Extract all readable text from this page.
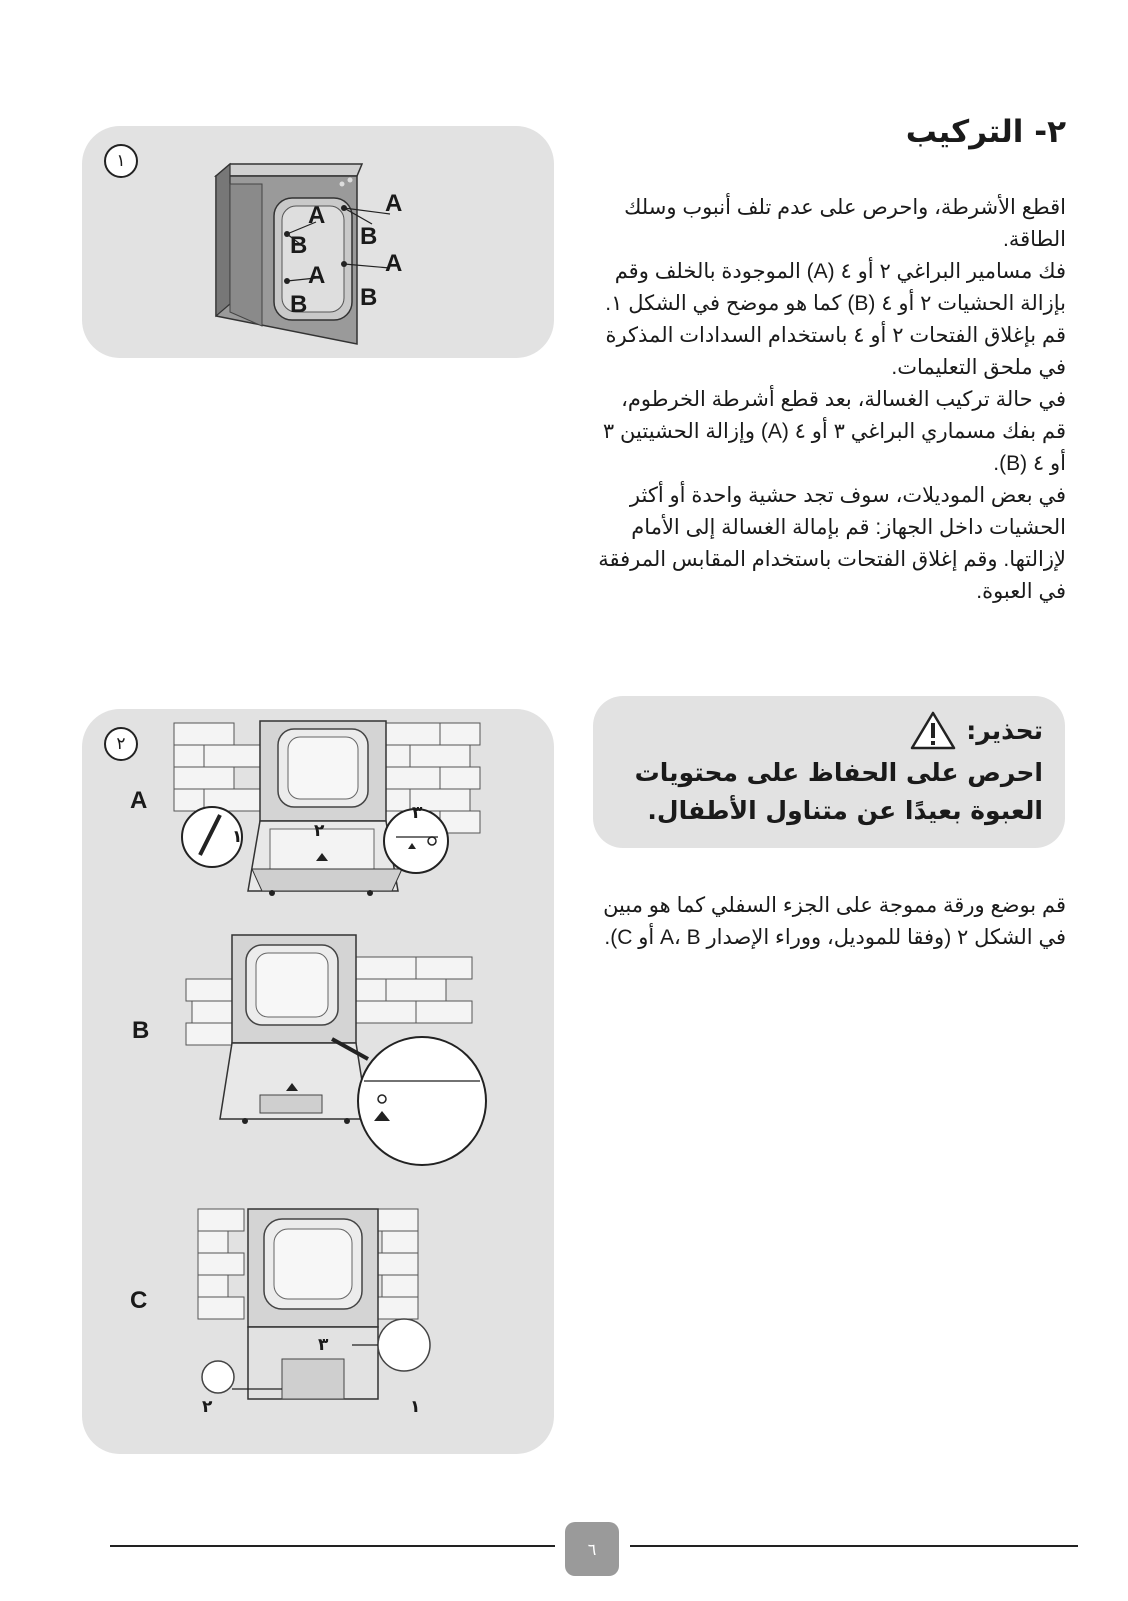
٢- التركيب

اقطع الأشرطة، واحرص على عدم تلف أنبوب وسلك الطاقة.

فك مسامير البراغي ٢ أو ٤ (A) الموجودة بالخلف وقم بإزالة الحشيات ٢ أو ٤ (B) كما هو موضح في الشكل ١.

قم بإغلاق الفتحات ٢ أو ٤ باستخدام السدادات المذكرة في ملحق التعليمات.

في حالة تركيب الغسالة، بعد قطع أشرطة الخرطوم، قم بفك مسماري البراغي ٣ أو ٤ (A) وإزالة الحشيتين ٣ أو ٤ (B).

في بعض الموديلات، سوف تجد حشية واحدة أو أكثر الحشيات داخل الجهاز: قم بإمالة الغسالة إلى الأمام لإزالتها. وقم إغلاق الفتحات باستخدام المقابس المرفقة في العبوة.

١
A A
B B
A A
B B
٢
A
B
C
١	٢
٣
٣
٢	١
تحذير:
احرص على الحفاظ على محتويات العبوة بعيدًا عن متناول الأطفال.
قم بوضع ورقة مموجة على الجزء السفلي كما هو مبين في الشكل ٢ (وفقا للموديل، ووراء الإصدار A، B أو C).
٦
